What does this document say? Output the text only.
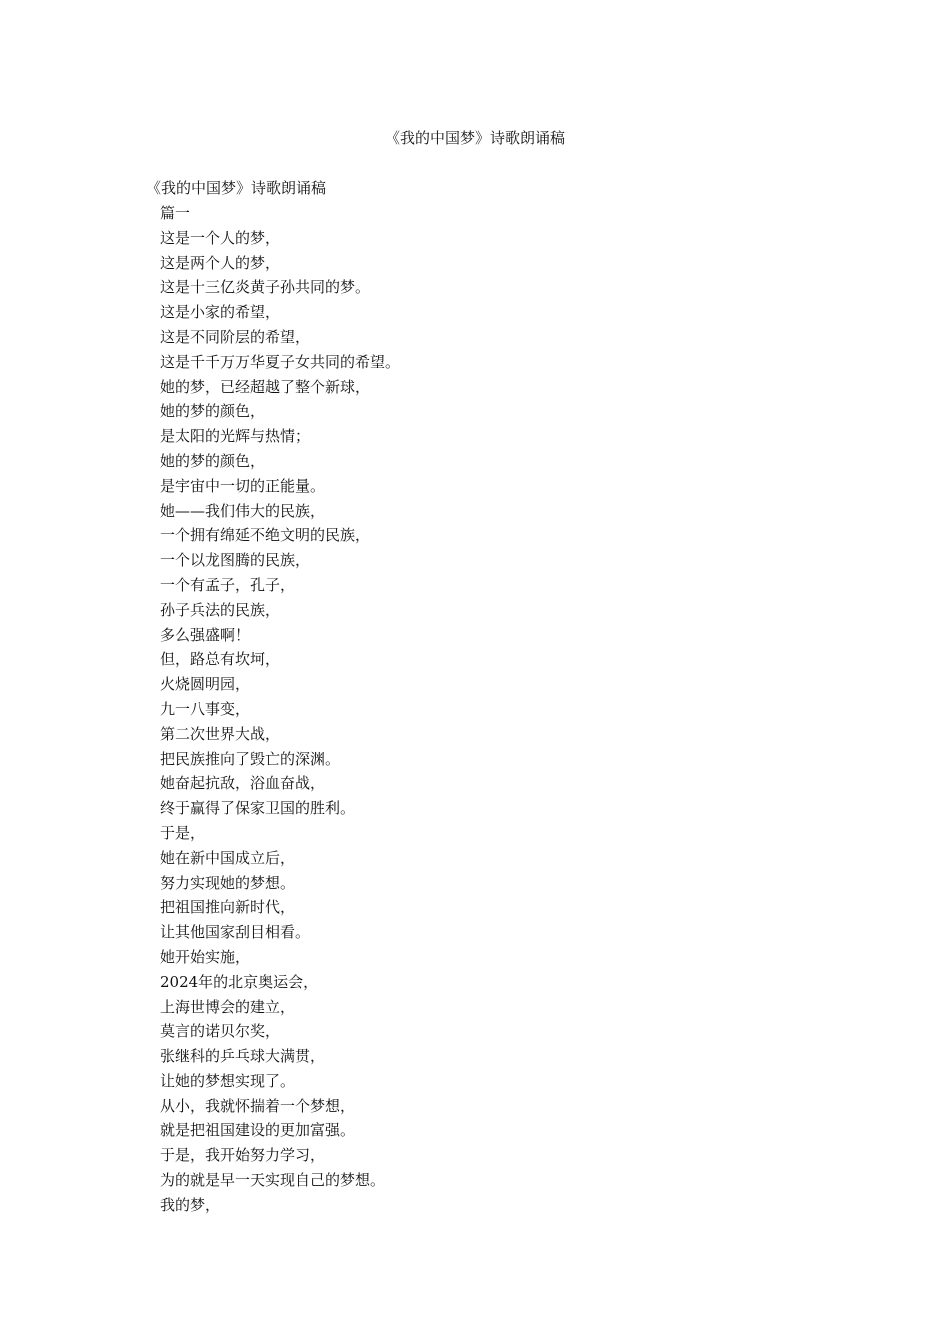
《我的中国梦》诗歌朗诵稿
《我的中国梦》诗歌朗诵稿
篇一
这是一个人的梦，
这是两个人的梦，
这是十三亿炎黄子孙共同的梦。
这是小家的希望，
这是不同阶层的希望，
这是千千万万华夏子女共同的希望。
她的梦，已经超越了整个新球，
她的梦的颜色，
是太阳的光辉与热情；
她的梦的颜色，
是宇宙中一切的正能量。
她——我们伟大的民族，
一个拥有绵延不绝文明的民族，
一个以龙图腾的民族，
一个有孟子，孔子，
孙子兵法的民族，
多么强盛啊！
但，路总有坎坷，
火烧圆明园，
九一八事变，
第二次世界大战，
把民族推向了毁亡的深渊。
她奋起抗敌，浴血奋战，
终于赢得了保家卫国的胜利。
于是，
她在新中国成立后，
努力实现她的梦想。
把祖国推向新时代，
让其他国家刮目相看。
她开始实施，
2024年的北京奥运会，
上海世博会的建立，
莫言的诺贝尔奖，
张继科的乒乓球大满贯，
让她的梦想实现了。
从小，我就怀揣着一个梦想，
就是把祖国建设的更加富强。
于是，我开始努力学习，
为的就是早一天实现自己的梦想。
我的梦，
